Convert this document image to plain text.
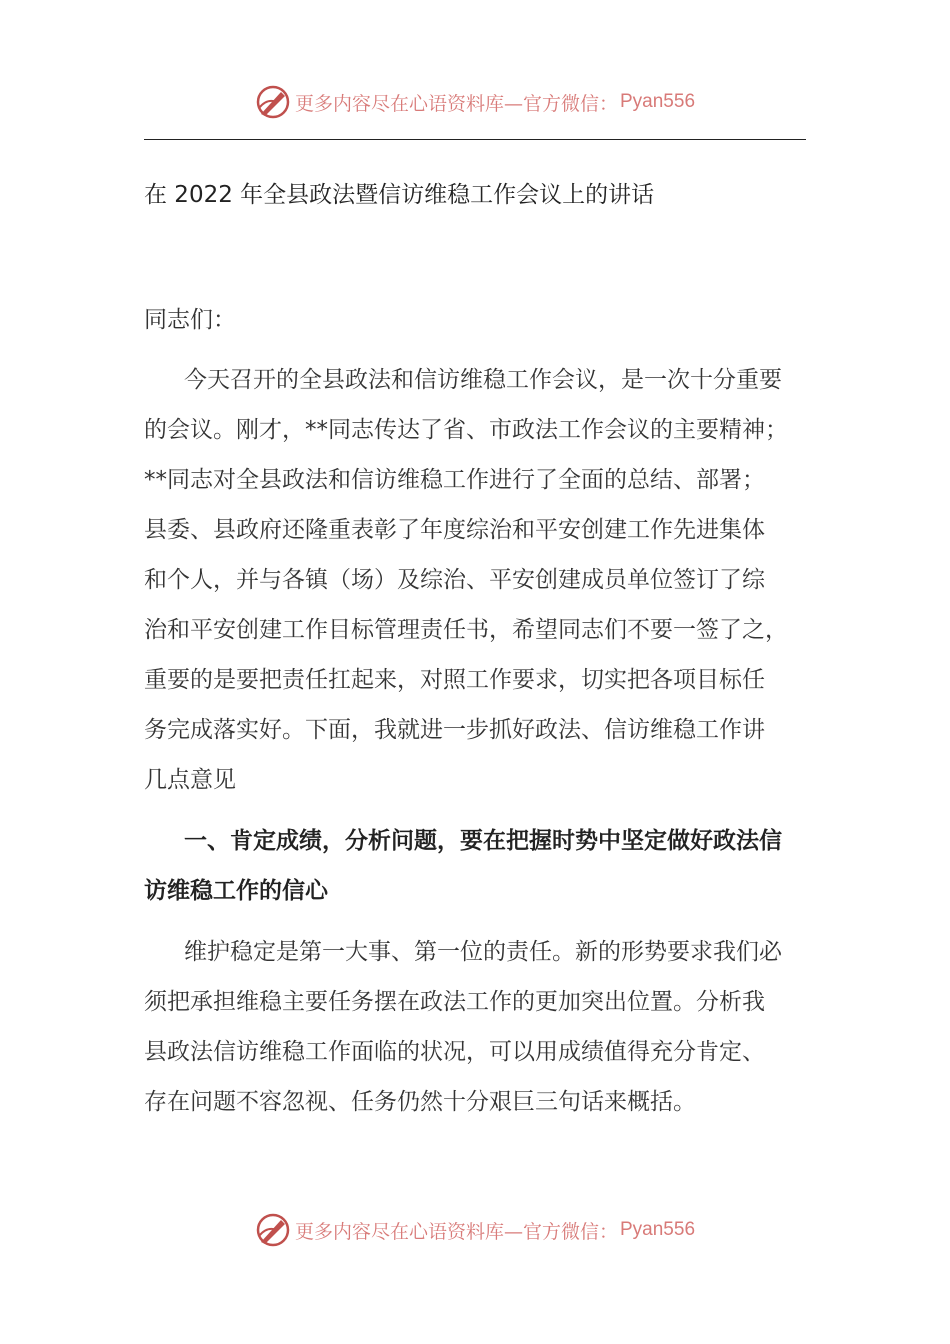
更多内容尽在心语资料库—官方微信： Pyan556
在 2022 年全县政法暨信访维稳工作会议上的讲话
同志们：
今天召开的全县政法和信访维稳工作会议，是一次十分重要
的会议。刚才，**同志传达了省、市政法工作会议的主要精神；
**同志对全县政法和信访维稳工作进行了全面的总结、部署；
县委、县政府还隆重表彰了年度综治和平安创建工作先进集体
和个人，并与各镇（场）及综治、平安创建成员单位签订了综
治和平安创建工作目标管理责任书，希望同志们不要一签了之，
重要的是要把责任扛起来，对照工作要求，切实把各项目标任
务完成落实好。下面，我就进一步抓好政法、信访维稳工作讲
几点意见
一、肯定成绩，分析问题，要在把握时势中坚定做好政法信
访维稳工作的信心
维护稳定是第一大事、第一位的责任。新的形势要求我们必
须把承担维稳主要任务摆在政法工作的更加突出位置。分析我
县政法信访维稳工作面临的状况，可以用成绩值得充分肯定、
存在问题不容忽视、任务仍然十分艰巨三句话来概括。
更多内容尽在心语资料库—官方微信： Pyan556
